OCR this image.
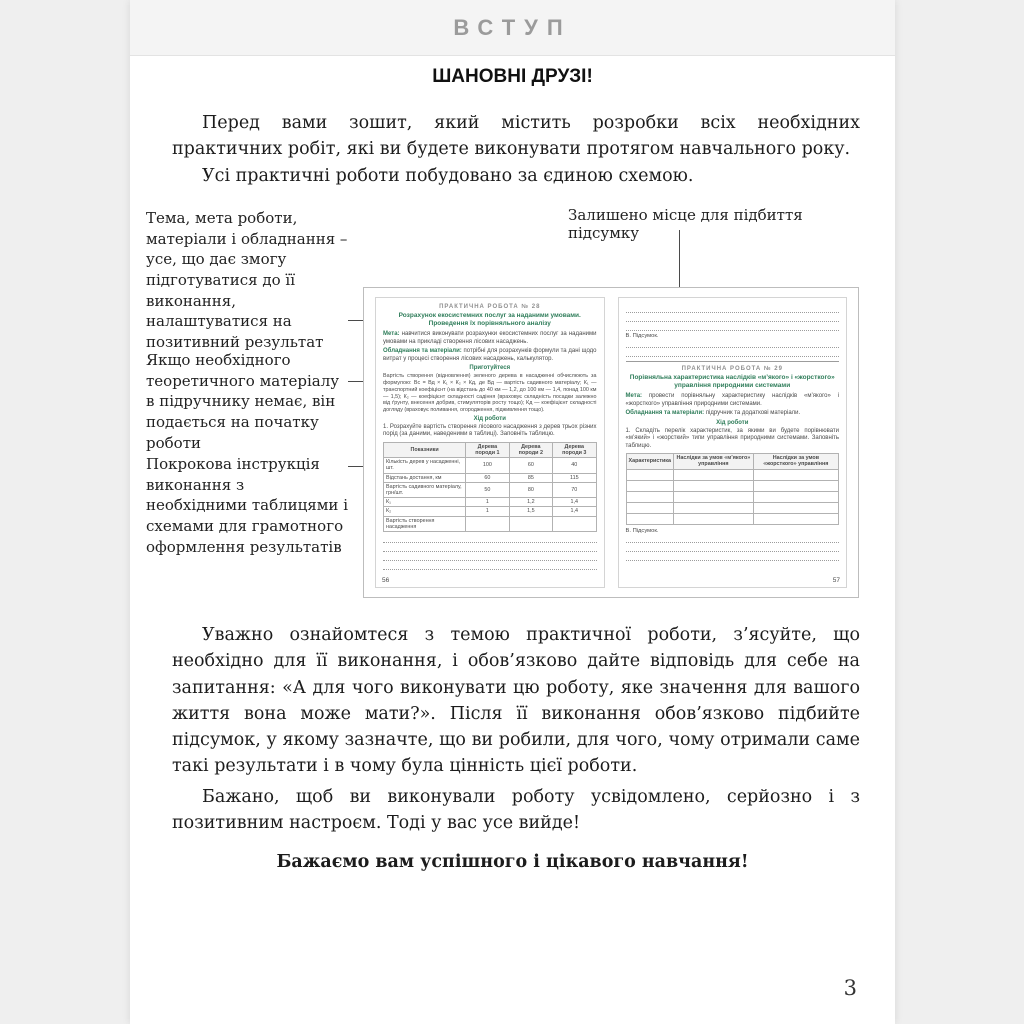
ВСТУП
ШАНОВНІ ДРУЗІ!

Перед вами зошит, який містить розробки всіх необхідних практичних робіт, які ви будете виконувати протягом навчального року.

Усі практичні роботи побудовано за єдиною схемою.

Тема, мета роботи, матеріали і обладнання – усе, що дає змогу підготуватися до її виконання, налаштуватися на позитивний результат
Якщо необхідного теоретичного матеріалу в підручнику немає, він подається на початку роботи
Покрокова інструкція виконання з необхідними таблицями і схемами для грамотного оформлення результатів
Залишено місце для підбиття підсумку
ПРАКТИЧНА РОБОТА № 28
Розрахунок екосистемних послуг за наданими умовами. Проведення їх порівняльного аналізу

Мета: навчитися виконувати розрахунки екосистемних послуг за наданими умовами на прикладі створення лісових насаджень.

Обладнання та матеріали: потрібні для розрахунків формули та дані щодо витрат у процесі створення лісових насаджень, калькулятор.

Приготуйтеся

Вартість створення (відновлення) зеленого дерева в насадженні обчислюють за формулою: Вс = Вд × К₁ × К₂ × Кд, де Вд — вартість садивного матеріалу; К₁ — транспортний коефіцієнт (на відстань до 40 км — 1,2, до 100 км — 1,4, понад 100 км — 1,5); К₂ — коефіцієнт складності садіння (враховує складність посадки залежно від ґрунту, внесення добрив, стимуляторів росту тощо); Кд — коефіцієнт складності догляду (враховує поливання, огородження, підживлення тощо).

Хід роботи

1. Розрахуйте вартість створення лісового насадження з дерев трьох різних порід (за даними, наведеними в таблиці). Заповніть таблицю.

Показники	Дерева породи 1	Дерева породи 2	Дерева породи 3
Кількість дерев у насадженні, шт.	100	60	40
Відстань достання, км	60	85	115
Вартість садивного матеріалу, грн/шт.	50	80	70
К₁	1	1,2	1,4
К₂	1	1,5	1,4
Вартість створення насадження			
56
В. Підсумок.
ПРАКТИЧНА РОБОТА № 29
Порівняльна характеристика наслідків «м’якого» і «жорсткого» управління природними системами

Мета: провести порівняльну характеристику наслідків «м’якого» і «жорсткого» управління природними системами.

Обладнання та матеріали: підручник та додаткові матеріали.

Хід роботи

1. Складіть перелік характеристик, за якими ви будете порівнювати «м’який» і «жорсткий» типи управління природними системами. Заповніть таблицю.

Характеристика	Наслідки за умов «м’якого» управління	Наслідки за умов «жорсткого» управління

В. Підсумок.
57

Уважно ознайомтеся з темою практичної роботи, з’ясуйте, що необхідно для її виконання, і обов’язково дайте відповідь для себе на запитання: «А для чого виконувати цю роботу, яке значення для вашого життя вона може мати?». Після її виконання обов’язково підбийте підсумок, у якому зазначте, що ви робили, для чого, чому отримали саме такі результати і в чому була цінність цієї роботи.

Бажано, щоб ви виконували роботу усвідомлено, серйозно і з позитивним настроєм. Тоді у вас усе вийде!

Бажаємо вам успішного і цікавого навчання!

3
